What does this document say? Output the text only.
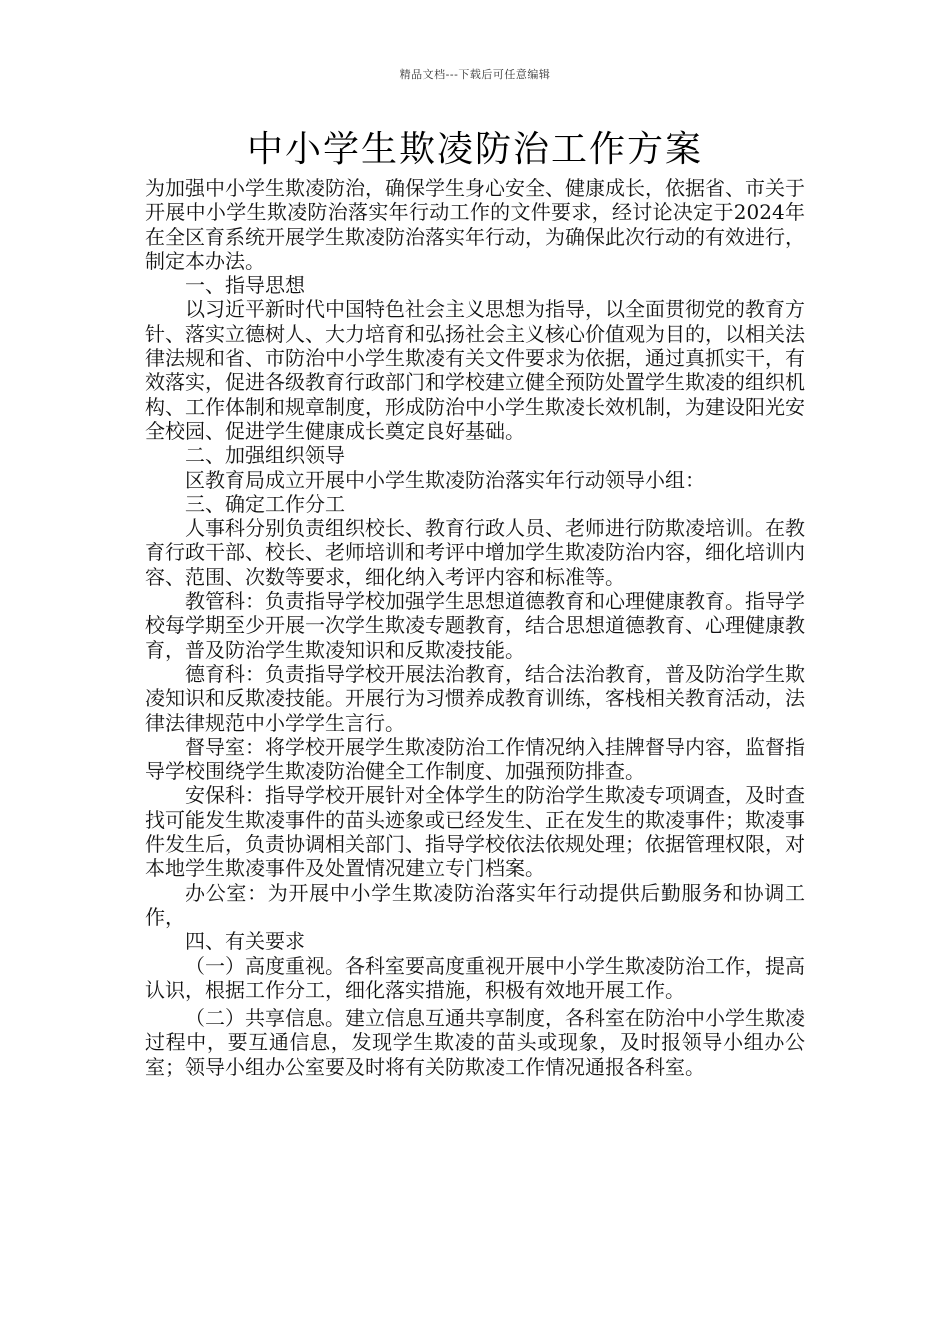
精品文档---下载后可任意编辑
中小学生欺凌防治工作方案

为加强中小学生欺凌防治，确保学生身心安全、健康成长，依据省、市关于开展中小学生欺凌防治落实年行动工作的文件要求，经讨论决定于2024年在全区育系统开展学生欺凌防治落实年行动，为确保此次行动的有效进行，制定本办法。

一、指导思想

以习近平新时代中国特色社会主义思想为指导，以全面贯彻党的教育方针、落实立德树人、大力培育和弘扬社会主义核心价值观为目的，以相关法律法规和省、市防治中小学生欺凌有关文件要求为依据，通过真抓实干，有效落实，促进各级教育行政部门和学校建立健全预防处置学生欺凌的组织机构、工作体制和规章制度，形成防治中小学生欺凌长效机制，为建设阳光安全校园、促进学生健康成长奠定良好基础。

二、加强组织领导

区教育局成立开展中小学生欺凌防治落实年行动领导小组：

三、确定工作分工

人事科分别负责组织校长、教育行政人员、老师进行防欺凌培训。在教育行政干部、校长、老师培训和考评中增加学生欺凌防治内容，细化培训内容、范围、次数等要求，细化纳入考评内容和标准等。

教管科：负责指导学校加强学生思想道德教育和心理健康教育。指导学校每学期至少开展一次学生欺凌专题教育，结合思想道德教育、心理健康教育，普及防治学生欺凌知识和反欺凌技能。

德育科：负责指导学校开展法治教育，结合法治教育，普及防治学生欺凌知识和反欺凌技能。开展行为习惯养成教育训练，客栈相关教育活动，法律法律规范中小学学生言行。

督导室：将学校开展学生欺凌防治工作情况纳入挂牌督导内容，监督指导学校围绕学生欺凌防治健全工作制度、加强预防排查。

安保科：指导学校开展针对全体学生的防治学生欺凌专项调查，及时查找可能发生欺凌事件的苗头迹象或已经发生、正在发生的欺凌事件；欺凌事件发生后，负责协调相关部门、指导学校依法依规处理；依据管理权限，对本地学生欺凌事件及处置情况建立专门档案。

办公室：为开展中小学生欺凌防治落实年行动提供后勤服务和协调工作，

四、有关要求

（一）高度重视。各科室要高度重视开展中小学生欺凌防治工作，提高认识，根据工作分工，细化落实措施，积极有效地开展工作。

（二）共享信息。建立信息互通共享制度，各科室在防治中小学生欺凌过程中，要互通信息，发现学生欺凌的苗头或现象，及时报领导小组办公室；领导小组办公室要及时将有关防欺凌工作情况通报各科室。
